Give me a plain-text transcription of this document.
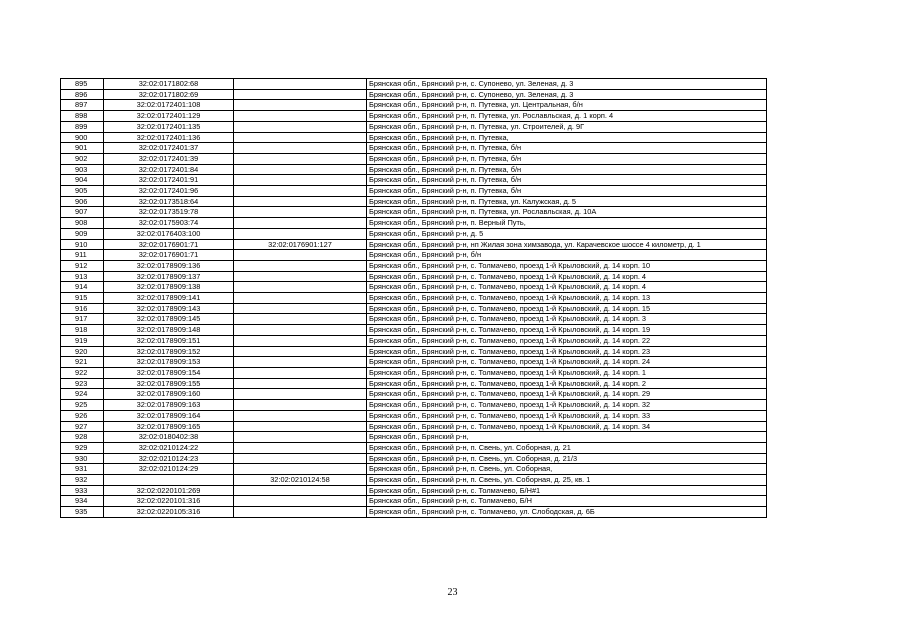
895	32:02:0171802:68		Брянская обл., Брянский р-н, с. Супонево, ул. Зеленая, д. 3
896	32:02:0171802:69		Брянская обл., Брянский р-н, с. Супонево, ул. Зеленая, д. 3
897	32:02:0172401:108		Брянская обл., Брянский р-н, п. Путевка, ул. Центральная, б/н
898	32:02:0172401:129		Брянская обл., Брянский р-н, п. Путевка, ул. Рославльская, д. 1 корп. 4
899	32:02:0172401:135		Брянская обл., Брянский р-н, п. Путевка, ул. Строителей, д. 9Г
900	32:02:0172401:136		Брянская обл., Брянский р-н, п. Путевка,
901	32:02:0172401:37		Брянская обл., Брянский р-н, п. Путевка, б/н
902	32:02:0172401:39		Брянская обл., Брянский р-н, п. Путевка, б/н
903	32:02:0172401:84		Брянская обл., Брянский р-н, п. Путевка, б/н
904	32:02:0172401:91		Брянская обл., Брянский р-н, п. Путевка, б/н
905	32:02:0172401:96		Брянская обл., Брянский р-н, п. Путевка, б/н
906	32:02:0173518:64		Брянская обл., Брянский р-н, п. Путевка, ул. Калужская, д. 5
907	32:02:0173519:78		Брянская обл., Брянский р-н, п. Путевка, ул. Рославльская, д. 10А
908	32:02:0175903:74		Брянская обл., Брянский р-н, п. Верный Путь,
909	32:02:0176403:100		Брянская обл., Брянский р-н, д. 5
910	32:02:0176901:71	32:02:0176901:127	Брянская обл., Брянский р-н, нп Жилая зона химзавода, ул. Карачевское шоссе 4 километр, д. 1
911	32:02:0176901:71		Брянская обл., Брянский р-н, б/н
912	32:02:0178909:136		Брянская обл., Брянский р-н, с. Толмачево, проезд 1-й Крыловский, д. 14 корп. 10
913	32:02:0178909:137		Брянская обл., Брянский р-н, с. Толмачево, проезд 1-й Крыловский, д. 14 корп. 4
914	32:02:0178909:138		Брянская обл., Брянский р-н, с. Толмачево, проезд 1-й Крыловский, д. 14 корп. 4
915	32:02:0178909:141		Брянская обл., Брянский р-н, с. Толмачево, проезд 1-й Крыловский, д. 14 корп. 13
916	32:02:0178909:143		Брянская обл., Брянский р-н, с. Толмачево, проезд 1-й Крыловский, д. 14 корп. 15
917	32:02:0178909:145		Брянская обл., Брянский р-н, с. Толмачево, проезд 1-й Крыловский, д. 14 корп. 3
918	32:02:0178909:148		Брянская обл., Брянский р-н, с. Толмачево, проезд 1-й Крыловский, д. 14 корп. 19
919	32:02:0178909:151		Брянская обл., Брянский р-н, с. Толмачево, проезд 1-й Крыловский, д. 14 корп. 22
920	32:02:0178909:152		Брянская обл., Брянский р-н, с. Толмачево, проезд 1-й Крыловский, д. 14 корп. 23
921	32:02:0178909:153		Брянская обл., Брянский р-н, с. Толмачево, проезд 1-й Крыловский, д. 14 корп. 24
922	32:02:0178909:154		Брянская обл., Брянский р-н, с. Толмачево, проезд 1-й Крыловский, д. 14 корп. 1
923	32:02:0178909:155		Брянская обл., Брянский р-н, с. Толмачево, проезд 1-й Крыловский, д. 14 корп. 2
924	32:02:0178909:160		Брянская обл., Брянский р-н, с. Толмачево, проезд 1-й Крыловский, д. 14 корп. 29
925	32:02:0178909:163		Брянская обл., Брянский р-н, с. Толмачево, проезд 1-й Крыловский, д. 14 корп. 32
926	32:02:0178909:164		Брянская обл., Брянский р-н, с. Толмачево, проезд 1-й Крыловский, д. 14 корп. 33
927	32:02:0178909:165		Брянская обл., Брянский р-н, с. Толмачево, проезд 1-й Крыловский, д. 14 корп. 34
928	32:02:0180402:38		Брянская обл., Брянский р-н,
929	32:02:0210124:22		Брянская обл., Брянский р-н, п. Свень, ул. Соборная, д. 21
930	32:02:0210124:23		Брянская обл., Брянский р-н, п. Свень, ул. Соборная, д. 21/3
931	32:02:0210124:29		Брянская обл., Брянский р-н, п. Свень, ул. Соборная,
932		32:02:0210124:58	Брянская обл., Брянский р-н, п. Свень, ул. Соборная, д. 25, кв. 1
933	32:02:0220101:269		Брянская обл., Брянский р-н, с. Толмачево, Б/Н#1
934	32:02:0220101:316		Брянская обл., Брянский р-н, с. Толмачево, Б/Н
935	32:02:0220105:316		Брянская обл., Брянский р-н, с. Толмачево, ул. Слободская, д. 6Б
23
